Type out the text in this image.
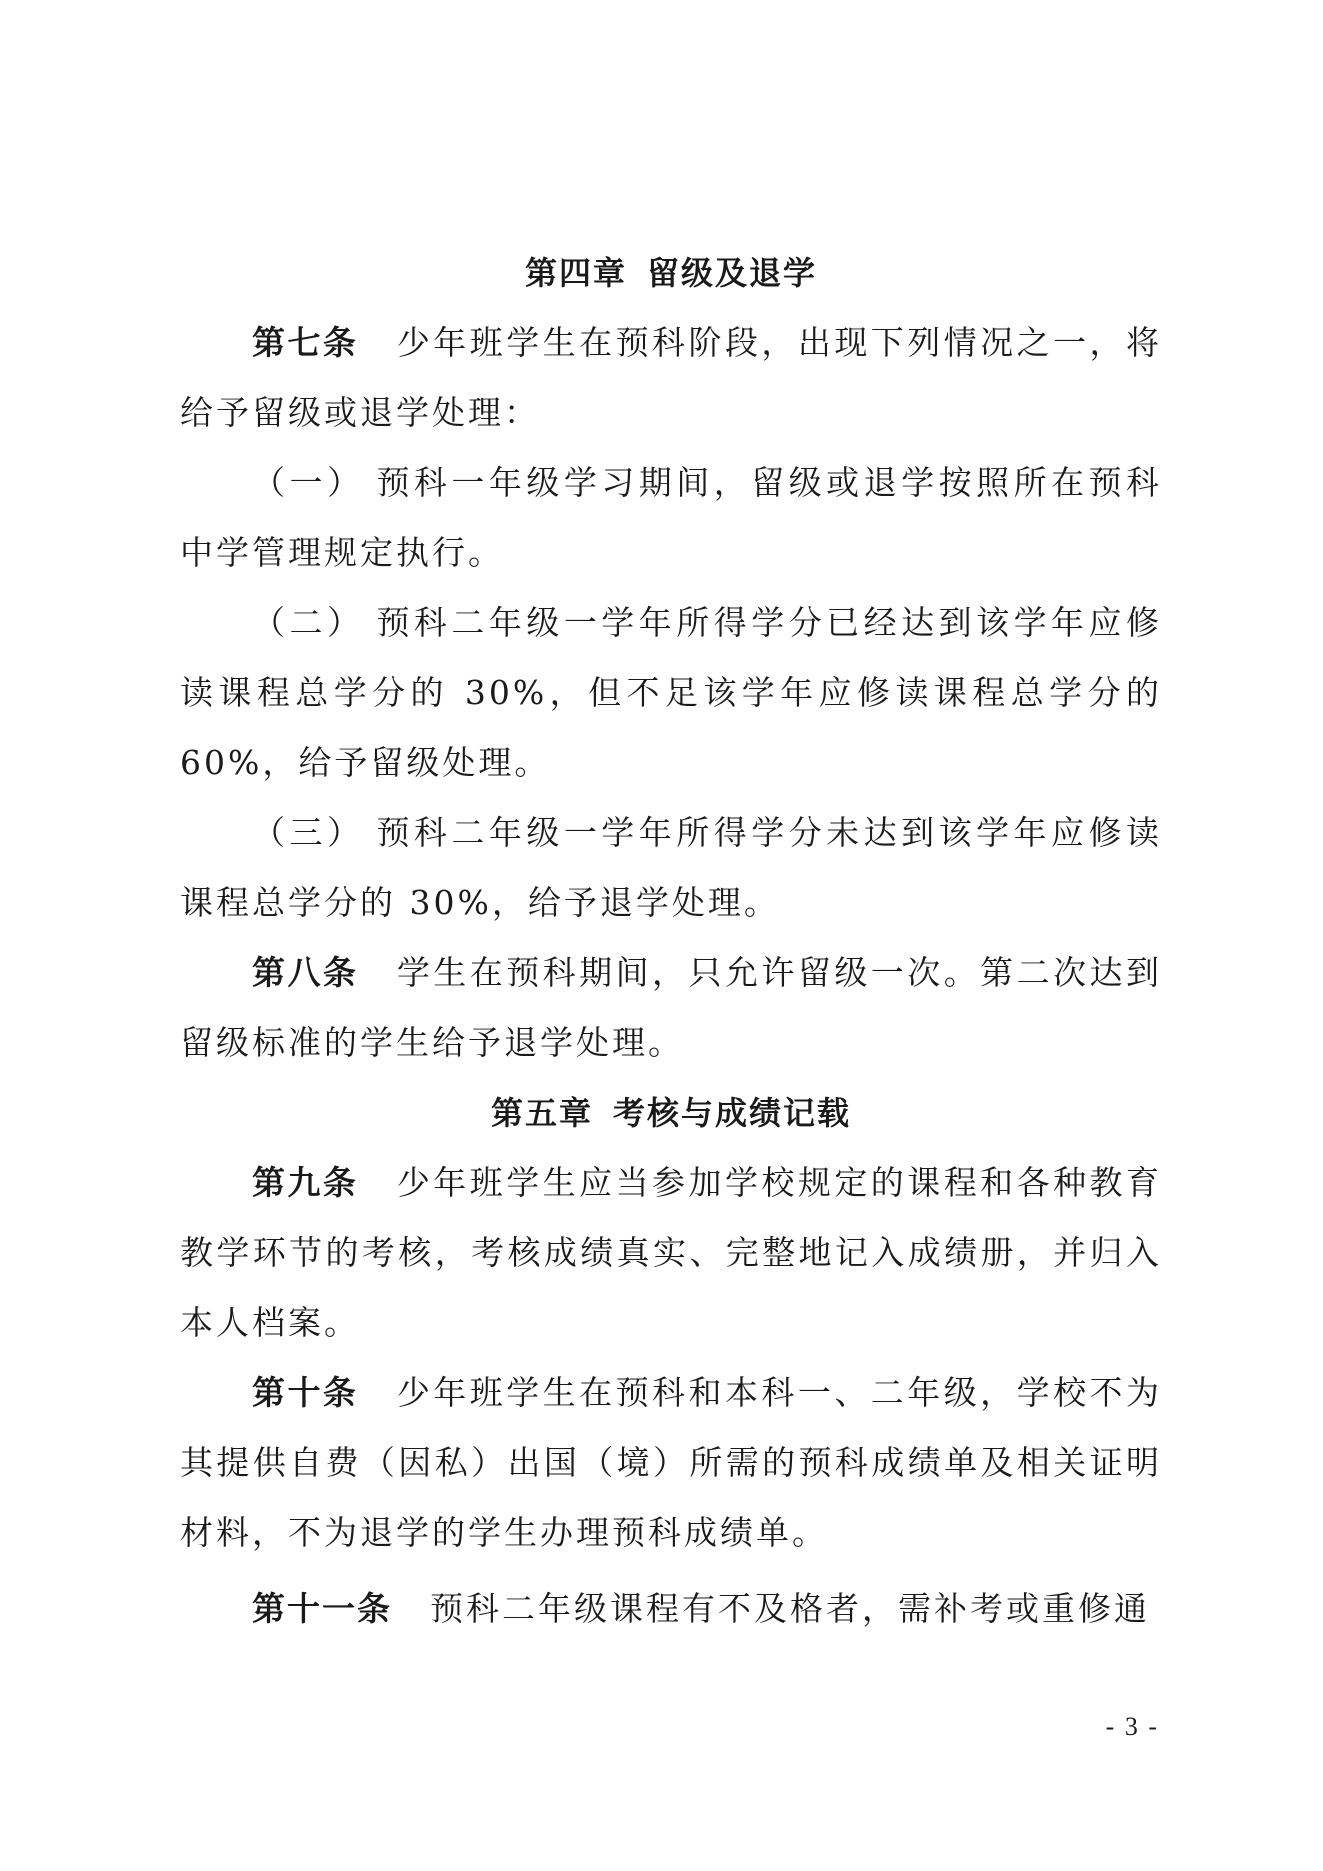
第四章 留级及退学

第七条 少年班学生在预科阶段，出现下列情况之一，将给予留级或退学处理：

（一） 预科一年级学习期间，留级或退学按照所在预科中学管理规定执行。

（二） 预科二年级一学年所得学分已经达到该学年应修读课程总学分的 30%，但不足该学年应修读课程总学分的 60%，给予留级处理。

（三） 预科二年级一学年所得学分未达到该学年应修读课程总学分的 30%，给予退学处理。

第八条 学生在预科期间，只允许留级一次。第二次达到留级标准的学生给予退学处理。

第五章 考核与成绩记载

第九条 少年班学生应当参加学校规定的课程和各种教育教学环节的考核，考核成绩真实、完整地记入成绩册，并归入本人档案。

第十条 少年班学生在预科和本科一、二年级，学校不为其提供自费（因私）出国（境）所需的预科成绩单及相关证明材料，不为退学的学生办理预科成绩单。

第十一条 预科二年级课程有不及格者，需补考或重修通

- 3 -
